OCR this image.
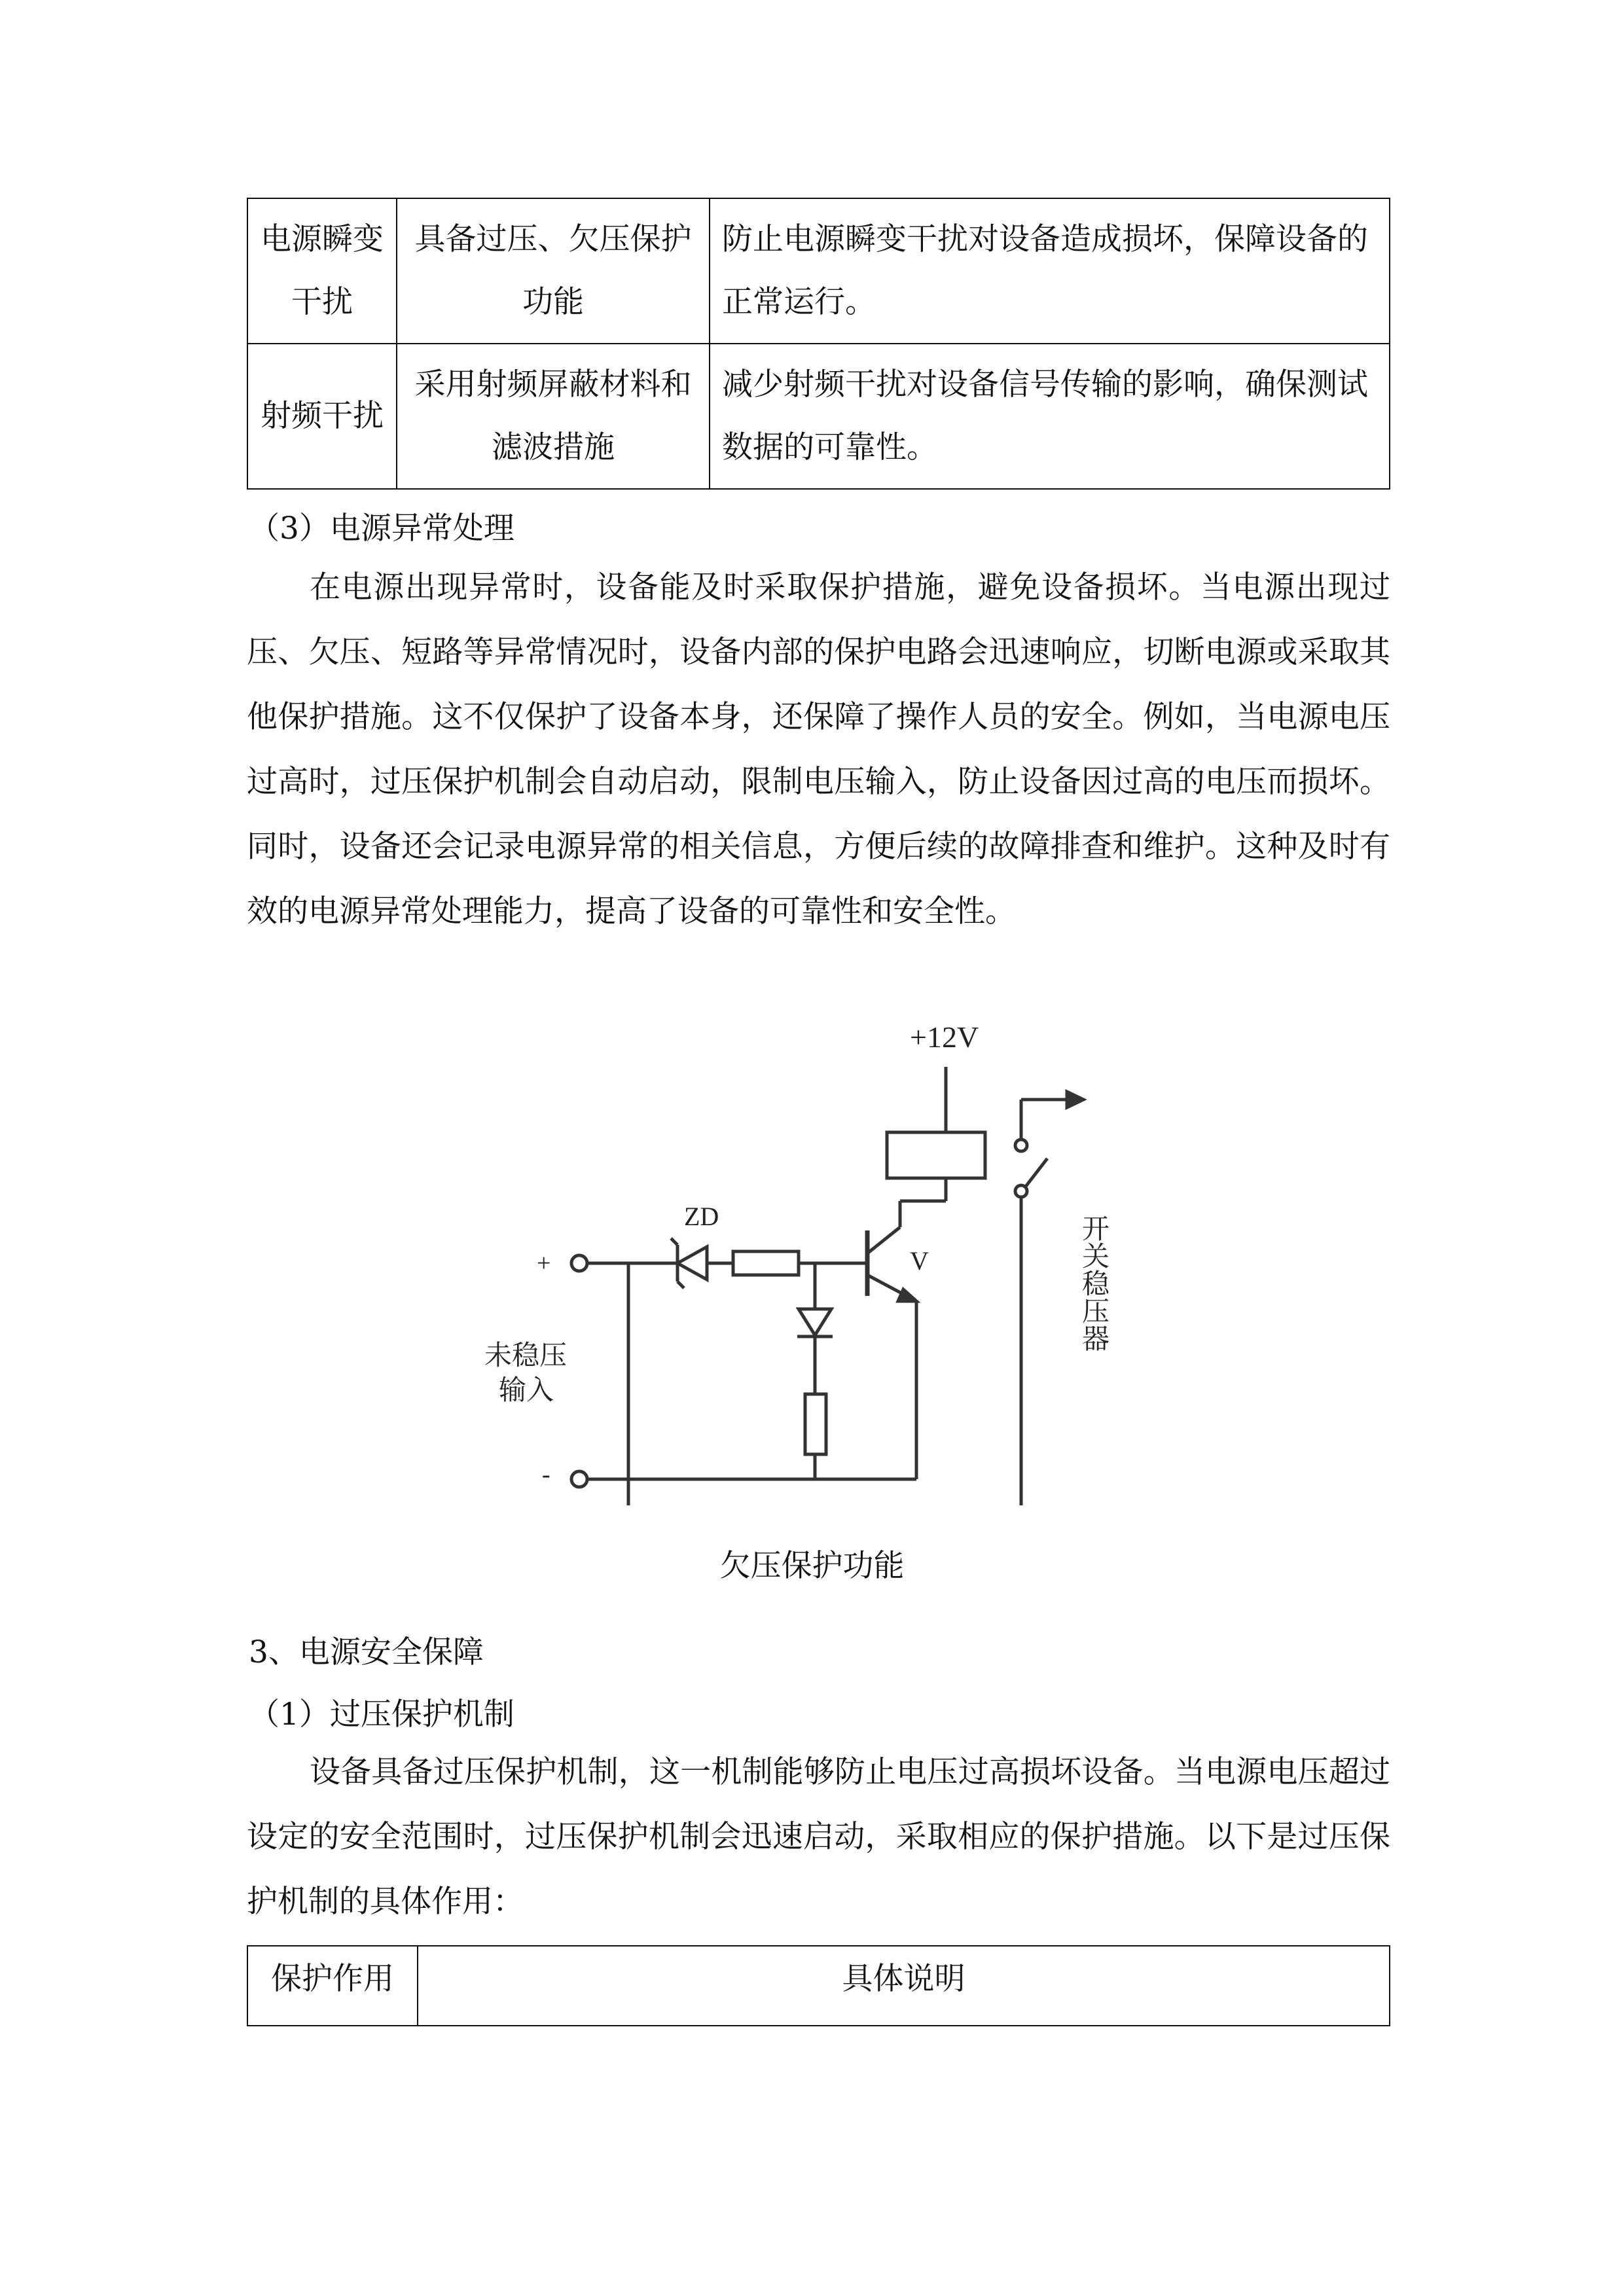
电源瞬变干扰	具备过压、欠压保护功能	防止电源瞬变干扰对设备造成损坏，保障设备的正常运行。
射频干扰	采用射频屏蔽材料和滤波措施	减少射频干扰对设备信号传输的影响，确保测试数据的可靠性。
（3）电源异常处理

在电源出现异常时，设备能及时采取保护措施，避免设备损坏。当电源出现过压、欠压、短路等异常情况时，设备内部的保护电路会迅速响应，切断电源或采取其他保护措施。这不仅保护了设备本身，还保障了操作人员的安全。例如，当电源电压过高时，过压保护机制会自动启动，限制电压输入，防止设备因过高的电压而损坏。同时，设备还会记录电源异常的相关信息，方便后续的故障排查和维护。这种及时有效的电源异常处理能力，提高了设备的可靠性和安全性。

+12V
ZD
V
+
-
未稳压
输入
开关稳压器
欠压保护功能
3、电源安全保障
（1）过压保护机制

设备具备过压保护机制，这一机制能够防止电压过高损坏设备。当电源电压超过设定的安全范围时，过压保护机制会迅速启动，采取相应的保护措施。以下是过压保护机制的具体作用：

保护作用	具体说明
